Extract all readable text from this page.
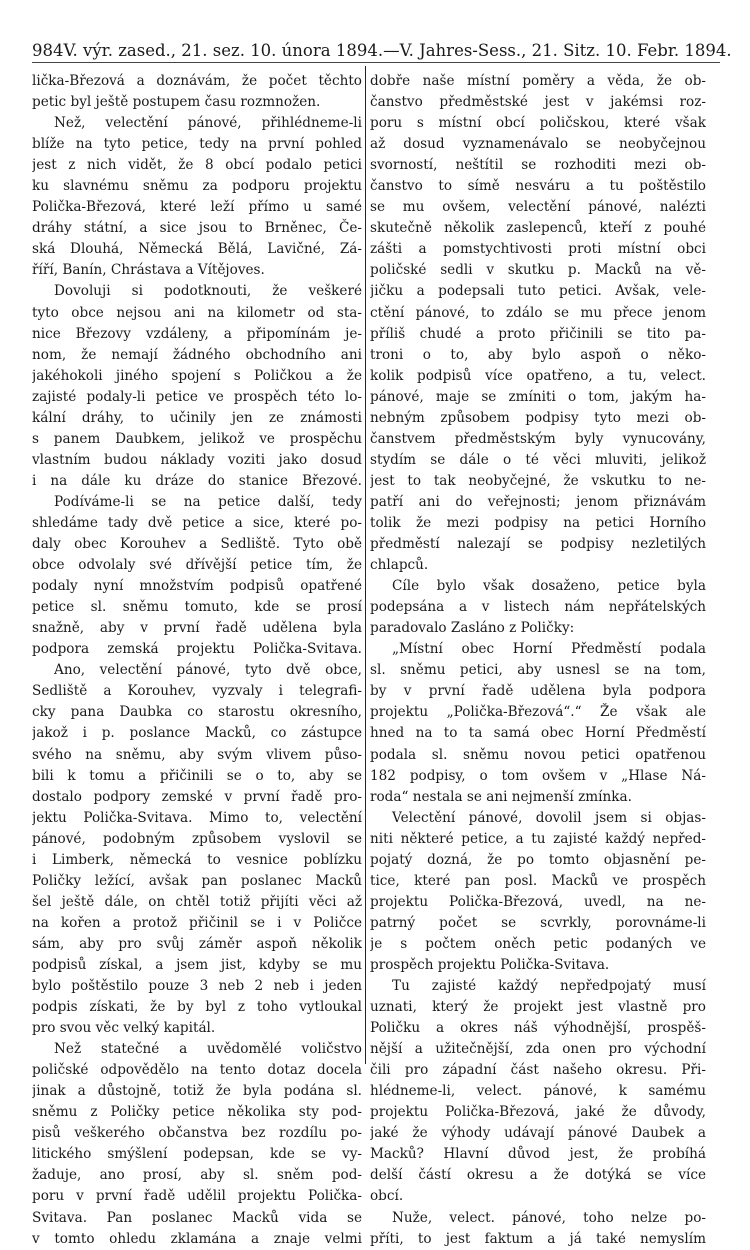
984 V. výr. zased., 21. sez. 10. února 1894. — V. Jahres-Sess., 21. Sitz. 10. Febr. 1894.
lička-Březová a doznávám, že počet těchto
petic byl ještě postupem času rozmnožen.
Než, velectění pánové, přihlédneme-li
blíže na tyto petice, tedy na první pohled
jest z nich vidět, že 8 obcí podalo petici
ku slavnému sněmu za podporu projektu
Polička-Březová, které leží přímo u samé
dráhy státní, a sice jsou to Brněnec, Če-
ská Dlouhá, Německá Bělá, Lavičné, Zá-
říří, Banín, Chrástava a Vítějoves.
Dovoluji si podotknouti, že veškeré
tyto obce nejsou ani na kilometr od sta-
nice Březovy vzdáleny, a připomínám je-
nom, že nemají žádného obchodního ani
jakéhokoli jiného spojení s Poličkou a že
zajisté podaly-li petice ve prospěch této lo-
kální dráhy, to učinily jen ze známosti
s panem Daubkem, jelikož ve prospěchu
vlastním budou náklady voziti jako dosud
i na dále ku dráze do stanice Březové.
Podíváme-li se na petice další, tedy
shledáme tady dvě petice a sice, které po-
daly obec Korouhev a Sedliště. Tyto obě
obce odvolaly své dřívější petice tím, že
podaly nyní množstvím podpisů opatřené
petice sl. sněmu tomuto, kde se prosí
snažně, aby v první řadě udělena byla
podpora zemská projektu Polička-Svitava.
Ano, velectění pánové, tyto dvě obce,
Sedliště a Korouhev, vyzvaly i telegrafi-
cky pana Daubka co starostu okresního,
jakož i p. poslance Macků, co zástupce
svého na sněmu, aby svým vlivem půso-
bili k tomu a přičinili se o to, aby se
dostalo podpory zemské v první řadě pro-
jektu Polička-Svitava. Mimo to, velectění
pánové, podobným způsobem vyslovil se
i Limberk, německá to vesnice poblízku
Poličky ležící, avšak pan poslanec Macků
šel ještě dále, on chtěl totiž přijíti věci až
na kořen a protož přičinil se i v Poličce
sám, aby pro svůj záměr aspoň několik
podpisů získal, a jsem jist, kdyby se mu
bylo poštěstilo pouze 3 neb 2 neb i jeden
podpis získati, že by byl z toho vytloukal
pro svou věc velký kapitál.
Než statečné a uvědomělé voličstvo
poličské odpovědělo na tento dotaz docela
jinak a důstojně, totiž že byla podána sl.
sněmu z Poličky petice několika sty pod-
pisů veškerého občanstva bez rozdílu po-
litického smýšlení podepsan, kde se vy-
žaduje, ano prosí, aby sl. sněm pod-
poru v první řadě udělil projektu Polička-
Svitava. Pan poslanec Macků vida se
v tomto ohledu zklamána a znaje velmi
dobře naše místní poměry a věda, že ob-
čanstvo předměstské jest v jakémsi roz-
poru s místní obcí poličskou, které však
až dosud vyznamenávalo se neobyčejnou
svorností, neštítil se rozhoditi mezi ob-
čanstvo to símě nesváru a tu poštěstilo
se mu ovšem, velectění pánové, nalézti
skutečně několik zaslepenců, kteří z pouhé
zášti a pomstychtivosti proti místní obci
poličské sedli v skutku p. Macků na vě-
jičku a podepsali tuto petici. Avšak, vele-
ctění pánové, to zdálo se mu přece jenom
příliš chudé a proto přičinili se tito pa-
troni o to, aby bylo aspoň o něko-
kolik podpisů více opatřeno, a tu, velect.
pánové, maje se zmíniti o tom, jakým ha-
nebným způsobem podpisy tyto mezi ob-
čanstvem předměstským byly vynucovány,
stydím se dále o té věci mluviti, jelikož
jest to tak neobyčejné, že vskutku to ne-
patří ani do veřejnosti; jenom přiznávám
tolik že mezi podpisy na petici Horního
předměstí nalezají se podpisy nezletilých
chlapců.
Cíle bylo však dosaženo, petice byla
podepsána a v listech nám nepřátelských
paradovalo Zasláno z Poličky:
„Místní obec Horní Předměstí podala
sl. sněmu petici, aby usnesl se na tom,
by v první řadě udělena byla podpora
projektu „Polička-Březová“.“ Že však ale
hned na to ta samá obec Horní Předměstí
podala sl. sněmu novou petici opatřenou
182 podpisy, o tom ovšem v „Hlase Ná-
roda“ nestala se ani nejmenší zmínka.
Velectění pánové, dovolil jsem si objas-
niti některé petice, a tu zajisté každý nepřed-
pojatý dozná, že po tomto objasnění pe-
tice, které pan posl. Macků ve prospěch
projektu Polička-Březová, uvedl, na ne-
patrný počet se scvrkly, porovnáme-li
je s počtem oněch petic podaných ve
prospěch projektu Polička-Svitava.
Tu zajisté každý nepředpojatý musí
uznati, který že projekt jest vlastně pro
Poličku a okres náš výhodnější, prospěš-
nější a užitečnější, zda onen pro východní
čili pro západní část našeho okresu. Při-
hlédneme-li, velect. pánové, k samému
projektu Polička-Březová, jaké že důvody,
jaké že výhody udávají pánové Daubek a
Macků? Hlavní důvod jest, že probíhá
delší částí okresu a že dotýká se více
obcí.
Nuže, velect. pánové, toho nelze po-
příti, to jest faktum a já také nemyslím
